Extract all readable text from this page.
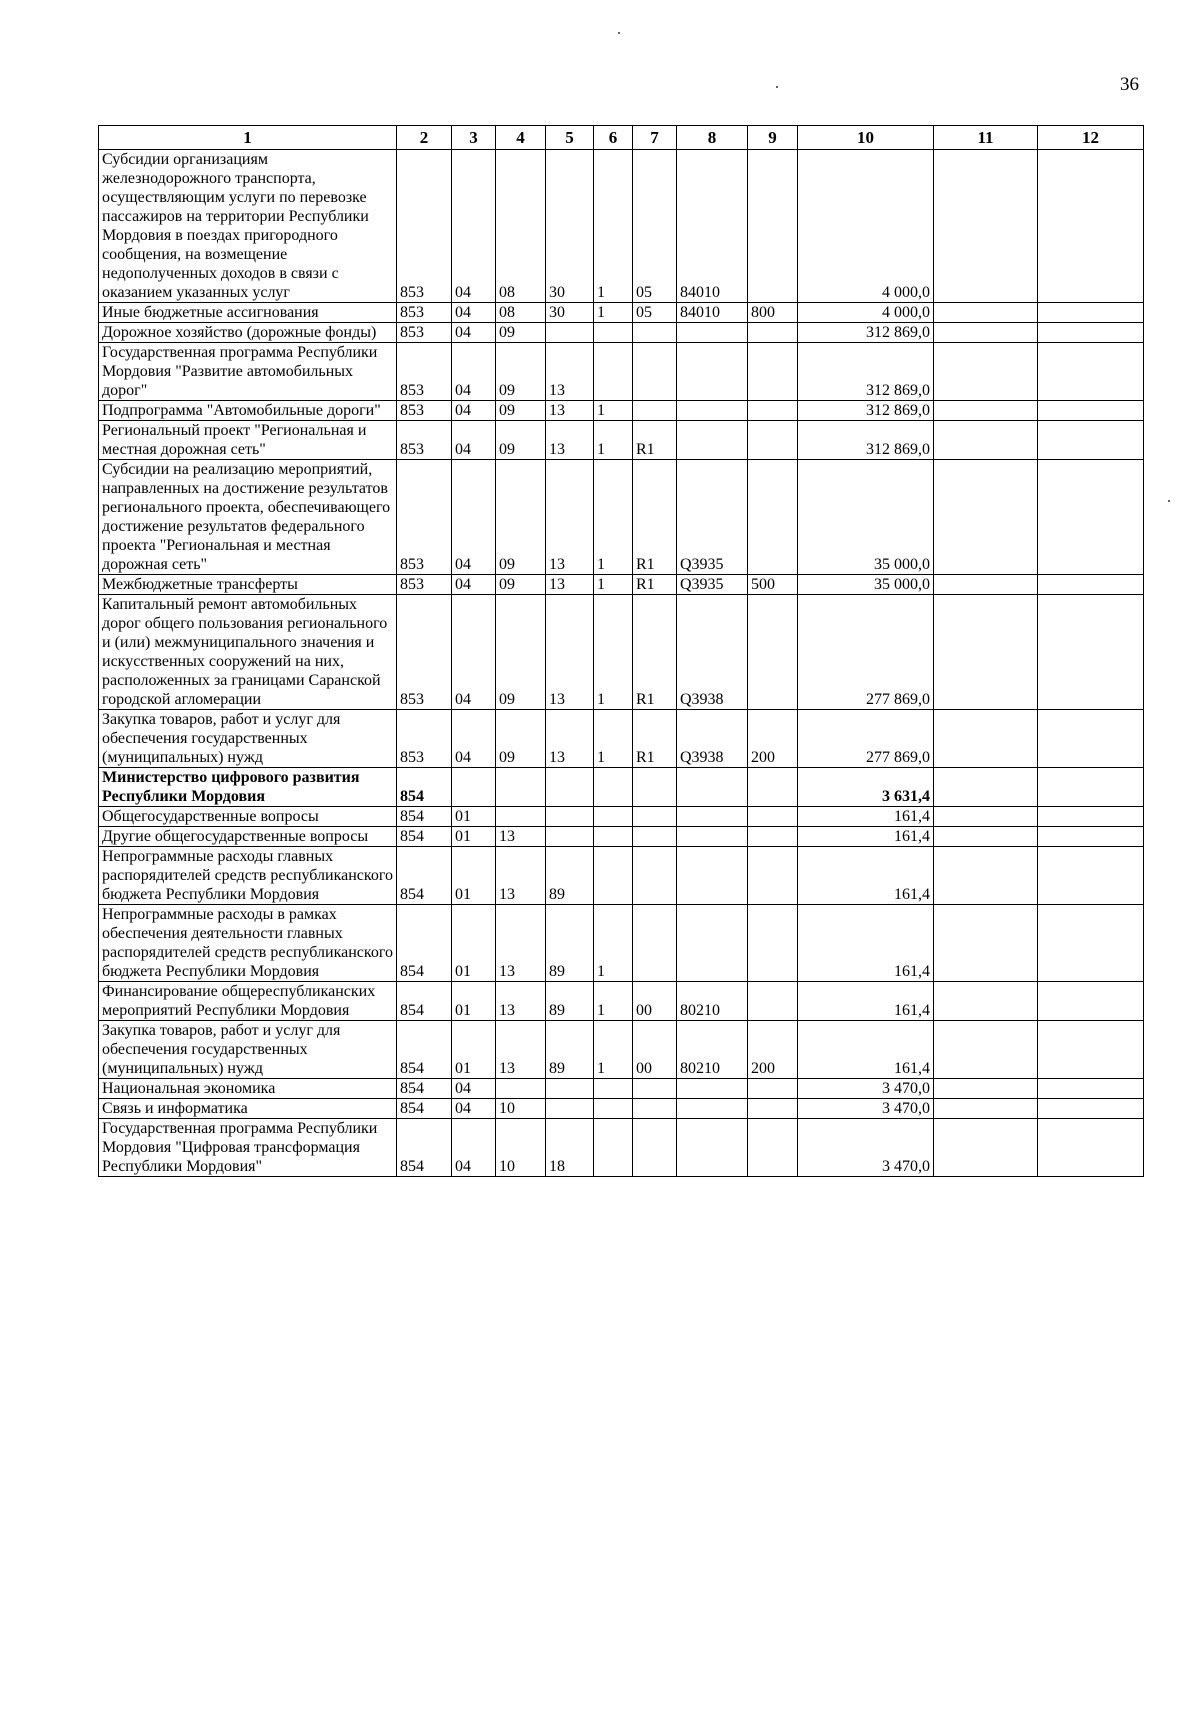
36
1	2	3	4	5	6	7	8	9	10	11	12
Субсидии организациям железнодорожного транспорта, осуществляющим услуги по перевозке пассажиров на территории Республики Мордовия в поездах пригородного сообщения, на возмещение недополученных доходов в связи с оказанием указанных услуг	853	04	08	30	1	05	84010		4 000,0		
Иные бюджетные ассигнования	853	04	08	30	1	05	84010	800	4 000,0		
Дорожное хозяйство (дорожные фонды)	853	04	09						312 869,0		
Государственная программа Республики Мордовия "Развитие автомобильных дорог"	853	04	09	13					312 869,0		
Подпрограмма "Автомобильные дороги"	853	04	09	13	1				312 869,0		
Региональный проект "Региональная и местная дорожная сеть"	853	04	09	13	1	R1			312 869,0		
Субсидии на реализацию мероприятий, направленных на достижение результатов регионального проекта, обеспечивающего достижение результатов федерального проекта "Региональная и местная дорожная сеть"	853	04	09	13	1	R1	Q3935		35 000,0		
Межбюджетные трансферты	853	04	09	13	1	R1	Q3935	500	35 000,0		
Капитальный ремонт автомобильных дорог общего пользования регионального и (или) межмуниципального значения и искусственных сооружений на них, расположенных за границами Саранской городской агломерации	853	04	09	13	1	R1	Q3938		277 869,0		
Закупка товаров, работ и услуг для обеспечения государственных (муниципальных) нужд	853	04	09	13	1	R1	Q3938	200	277 869,0		
Министерство цифрового развития Республики Мордовия	854								3 631,4		
Общегосударственные вопросы	854	01							161,4		
Другие общегосударственные вопросы	854	01	13						161,4		
Непрограммные расходы главных распорядителей средств республиканского бюджета Республики Мордовия	854	01	13	89					161,4		
Непрограммные расходы в рамках обеспечения деятельности главных распорядителей средств республиканского бюджета Республики Мордовия	854	01	13	89	1				161,4		
Финансирование общереспубликанских мероприятий Республики Мордовия	854	01	13	89	1	00	80210		161,4		
Закупка товаров, работ и услуг для обеспечения государственных (муниципальных) нужд	854	01	13	89	1	00	80210	200	161,4		
Национальная экономика	854	04							3 470,0		
Связь и информатика	854	04	10						3 470,0		
Государственная программа Республики Мордовия "Цифровая трансформация Республики Мордовия"	854	04	10	18					3 470,0		
